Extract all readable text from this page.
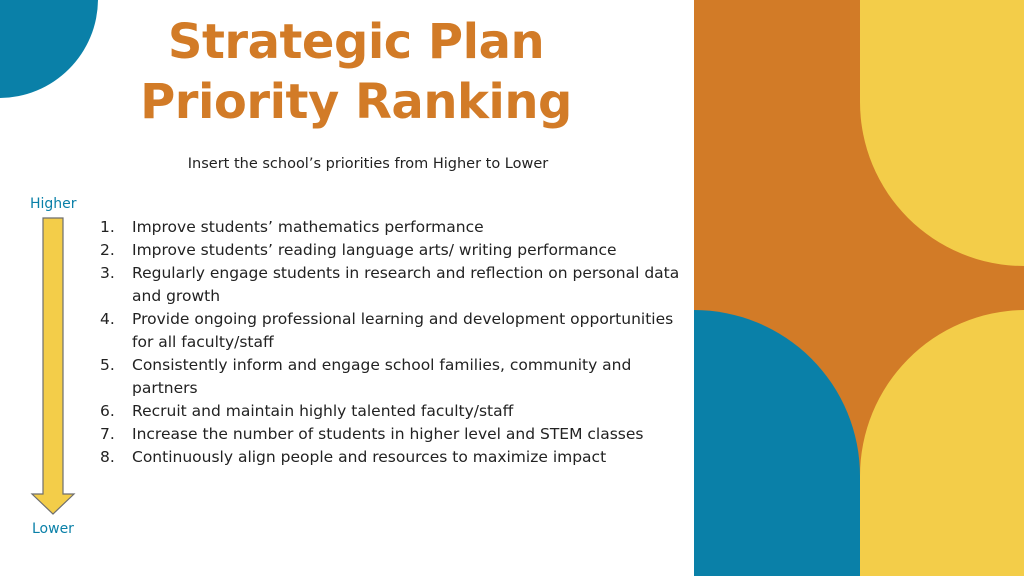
Strategic Plan
Priority Ranking
Insert the school’s priorities from Higher to Lower
Higher
Lower
1.	Improve students’ mathematics performance
2.	Improve students’ reading language arts/ writing performance
3.	Regularly engage students in research and reflection on personal data and growth
4.	Provide ongoing professional learning and development opportunities for all faculty/staff
5.	Consistently inform and engage school families, community and partners
6.	Recruit and maintain highly talented faculty/staff
7.	Increase the number of students in higher level and STEM classes
8.	Continuously align people and resources to maximize impact
